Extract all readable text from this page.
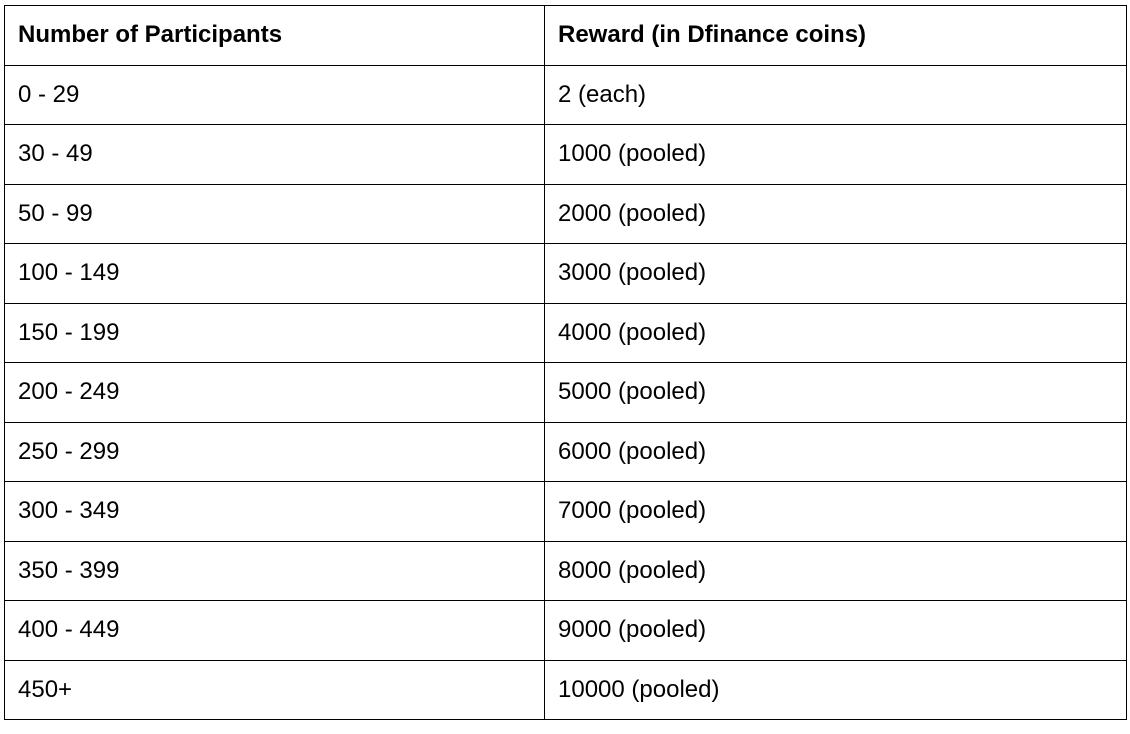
Number of Participants	Reward (in Dfinance coins)
0 - 29	2 (each)
30 - 49	1000 (pooled)
50 - 99	2000 (pooled)
100 - 149	3000 (pooled)
150 - 199	4000 (pooled)
200 - 249	5000 (pooled)
250 - 299	6000 (pooled)
300 - 349	7000 (pooled)
350 - 399	8000 (pooled)
400 - 449	9000 (pooled)
450+	10000 (pooled)
